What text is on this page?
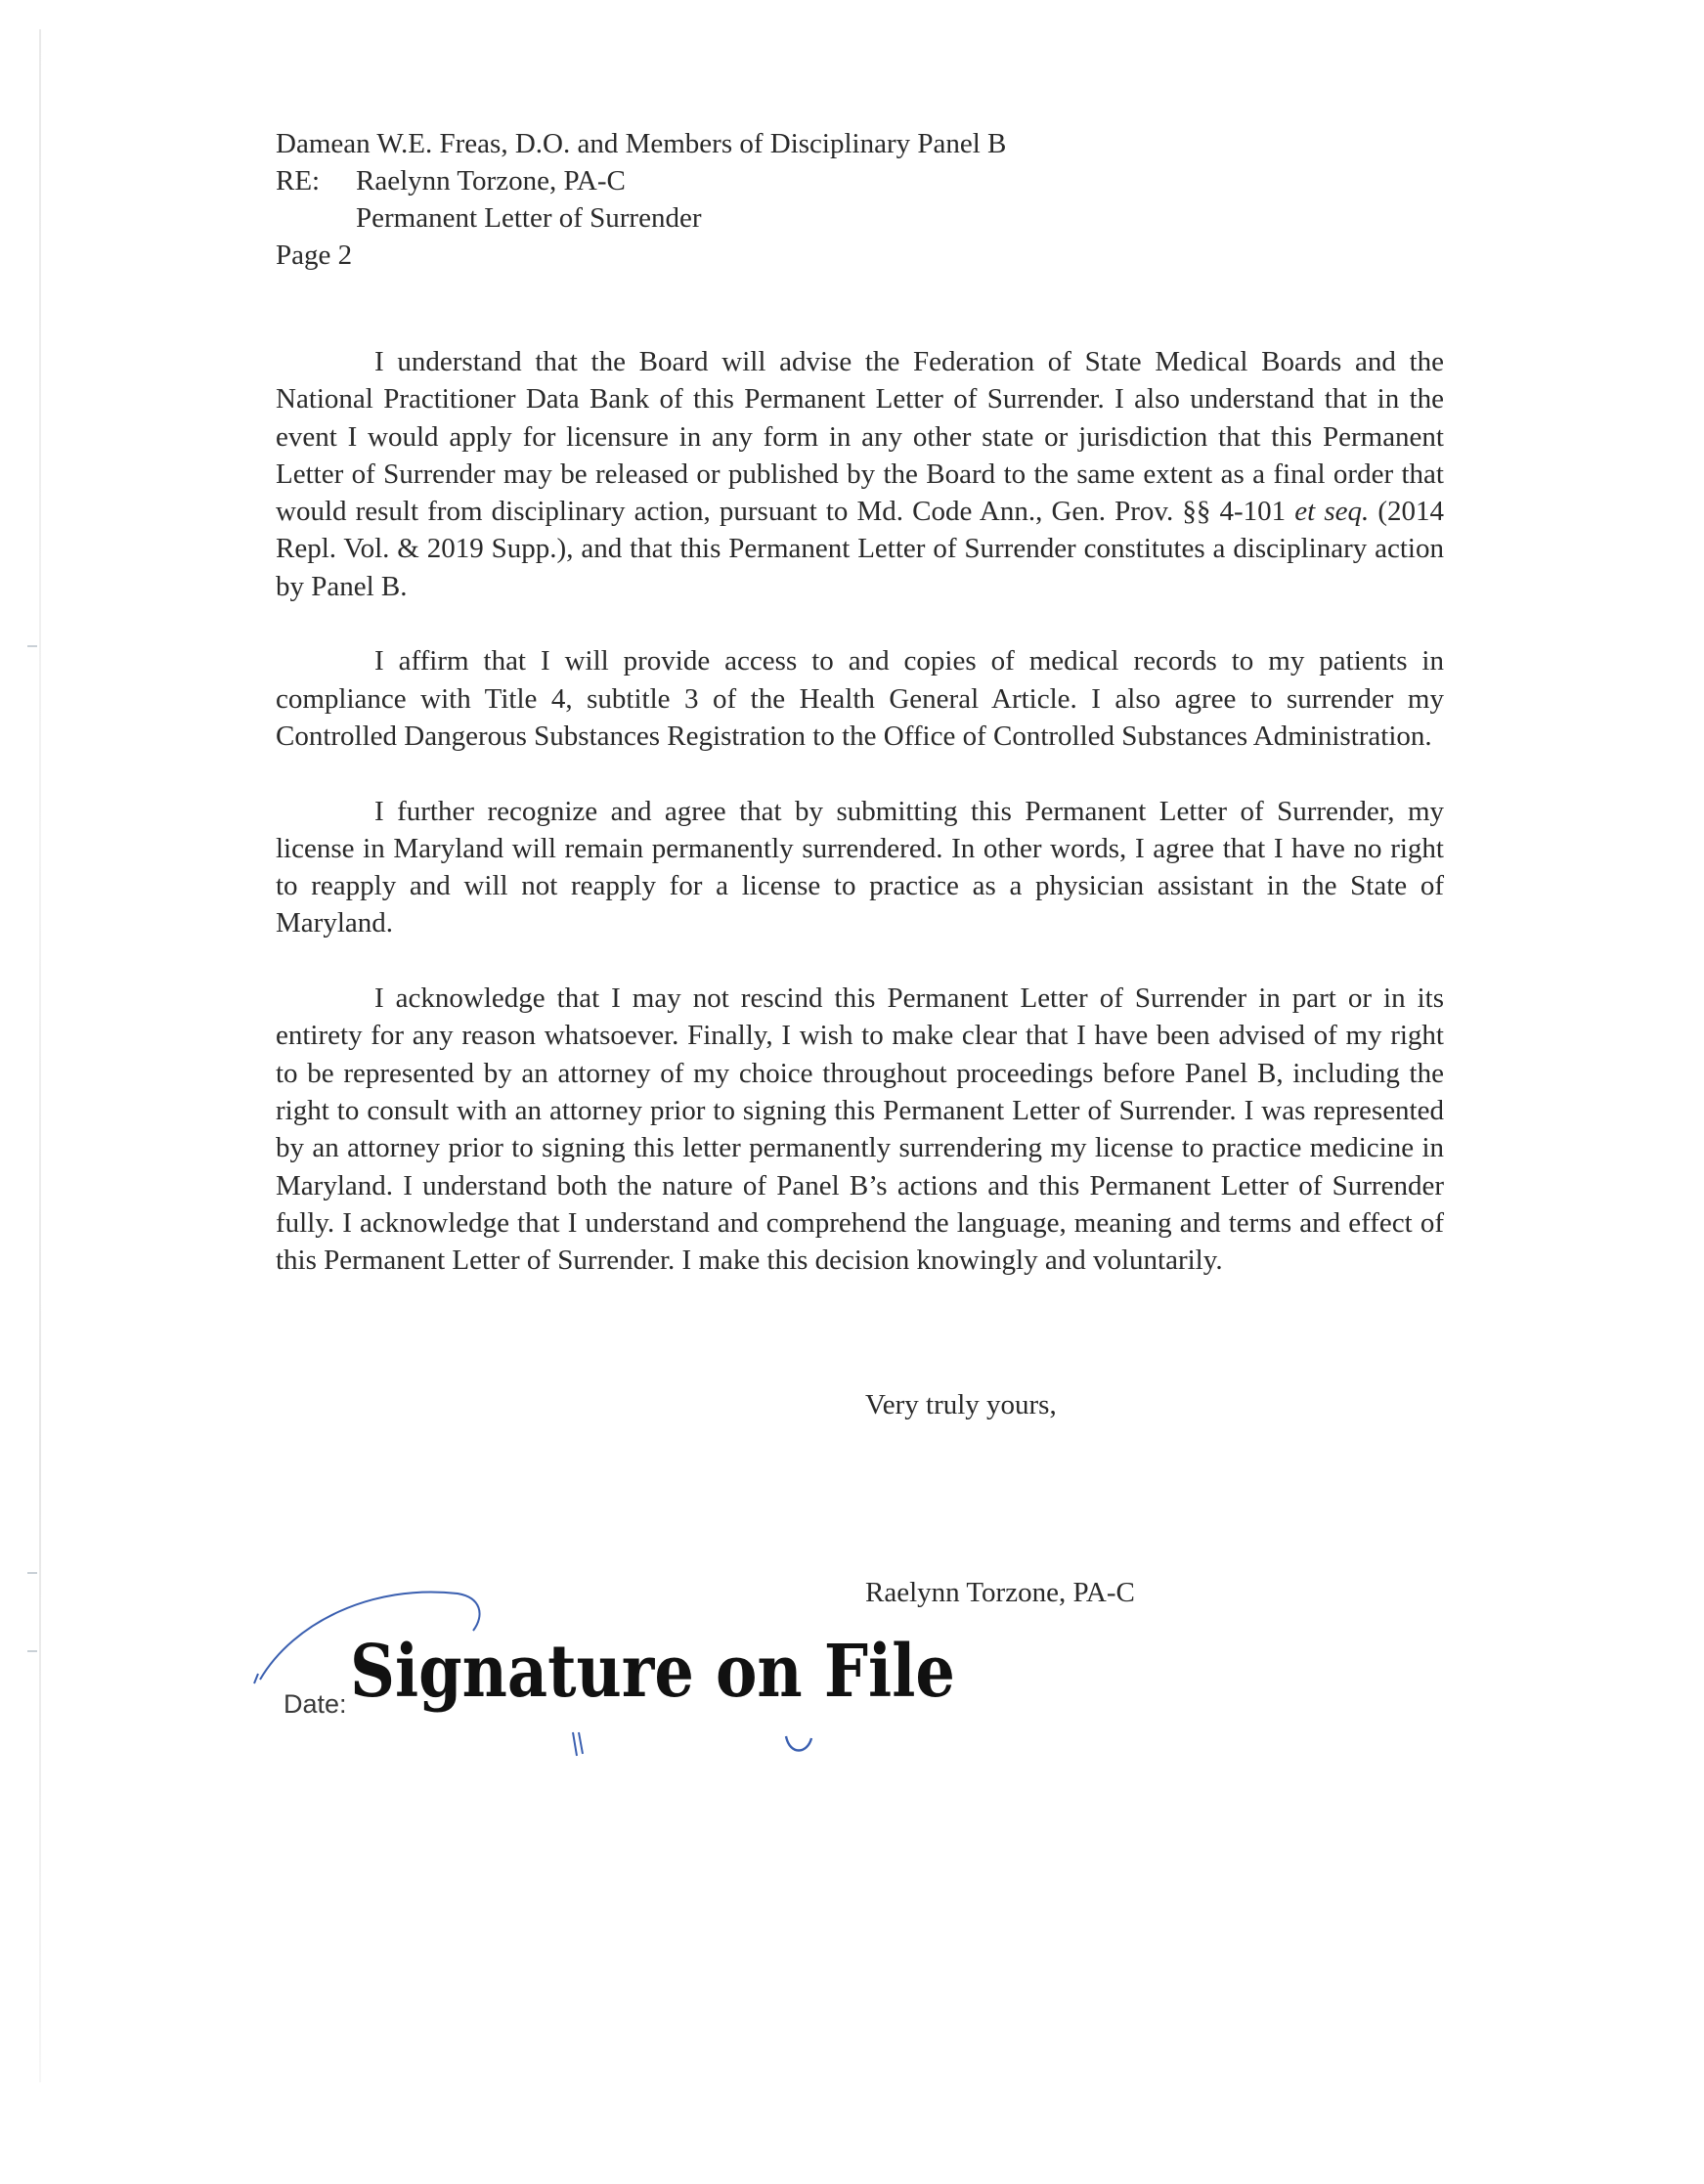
Damean W.E. Freas, D.O. and Members of Disciplinary Panel B
RE: Raelynn Torzone, PA-C
Permanent Letter of Surrender
Page 2

I understand that the Board will advise the Federation of State Medical Boards and the National Practitioner Data Bank of this Permanent Letter of Surrender. I also understand that in the event I would apply for licensure in any form in any other state or jurisdiction that this Permanent Letter of Surrender may be released or published by the Board to the same extent as a final order that would result from disciplinary action, pursuant to Md. Code Ann., Gen. Prov. §§ 4-101 et seq. (2014 Repl. Vol. & 2019 Supp.), and that this Permanent Letter of Surrender constitutes a disciplinary action by Panel B.

I affirm that I will provide access to and copies of medical records to my patients in compliance with Title 4, subtitle 3 of the Health General Article. I also agree to surrender my Controlled Dangerous Substances Registration to the Office of Controlled Substances Administration.

I further recognize and agree that by submitting this Permanent Letter of Surrender, my license in Maryland will remain permanently surrendered. In other words, I agree that I have no right to reapply and will not reapply for a license to practice as a physician assistant in the State of Maryland.

I acknowledge that I may not rescind this Permanent Letter of Surrender in part or in its entirety for any reason whatsoever. Finally, I wish to make clear that I have been advised of my right to be represented by an attorney of my choice throughout proceedings before Panel B, including the right to consult with an attorney prior to signing this Permanent Letter of Surrender. I was represented by an attorney prior to signing this letter permanently surrendering my license to practice medicine in Maryland. I understand both the nature of Panel B’s actions and this Permanent Letter of Surrender fully. I acknowledge that I understand and comprehend the language, meaning and terms and effect of this Permanent Letter of Surrender. I make this decision knowingly and voluntarily.

Very truly yours,
Raelynn Torzone, PA-C
Date: Signature on File
